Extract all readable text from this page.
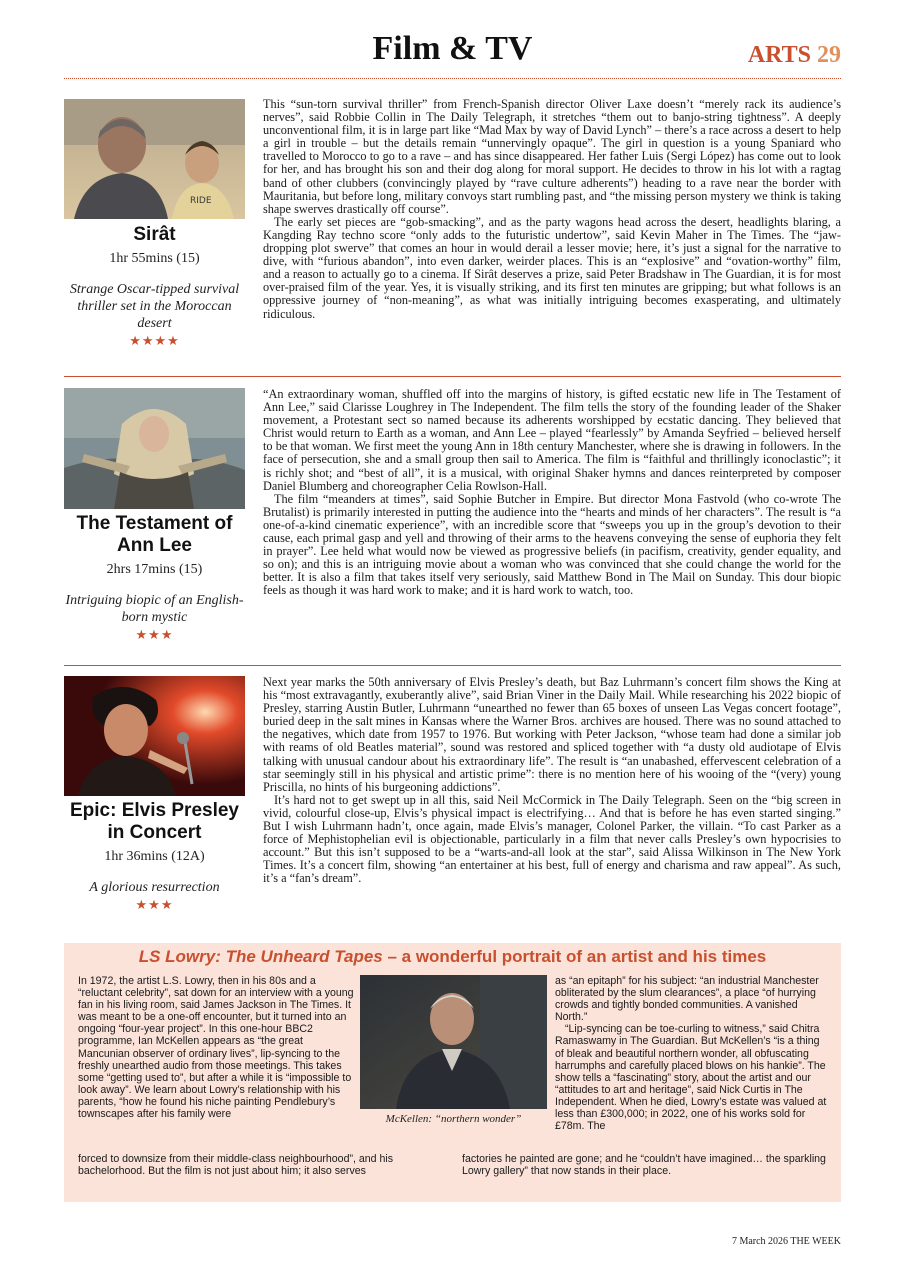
Film & TV	ARTS 29
RIDE
Sirât
1hr 55mins (15)
Strange Oscar-tipped survival thriller set in the Moroccan desert
★★★★

This “sun-torn survival thriller” from French-Spanish director Oliver Laxe doesn’t “merely rack its audience’s nerves”, said Robbie Collin in The Daily Telegraph, it stretches “them out to banjo-string tightness”. A deeply unconventional film, it is in large part like “Mad Max by way of David Lynch” – there’s a race across a desert to help a girl in trouble – but the details remain “unnervingly opaque”. The girl in question is a young Spaniard who travelled to Morocco to go to a rave – and has since disappeared. Her father Luis (Sergi López) has come out to look for her, and has brought his son and their dog along for moral support. He decides to throw in his lot with a ragtag band of other clubbers (convincingly played by “rave culture adherents”) heading to a rave near the border with Mauritania, but before long, military convoys start rumbling past, and “the missing person mystery we think is taking shape swerves drastically off course”.

The early set pieces are “gob-smacking”, and as the party wagons head across the desert, headlights blaring, a Kangding Ray techno score “only adds to the futuristic undertow”, said Kevin Maher in The Times. The “jaw-dropping plot swerve” that comes an hour in would derail a lesser movie; here, it’s just a signal for the narrative to dive, with “furious abandon”, into even darker, weirder places. This is an “explosive” and “ovation-worthy” film, and a reason to actually go to a cinema. If Sirât deserves a prize, said Peter Bradshaw in The Guardian, it is for most over-praised film of the year. Yes, it is visually striking, and its first ten minutes are gripping; but what follows is an oppressive journey of “non-meaning”, as what was initially intriguing becomes exasperating, and ultimately ridiculous.

The Testament of Ann Lee
2hrs 17mins (15)
Intriguing biopic of an English-born mystic
★★★

“An extraordinary woman, shuffled off into the margins of history, is gifted ecstatic new life in The Testament of Ann Lee,” said Clarisse Loughrey in The Independent. The film tells the story of the founding leader of the Shaker movement, a Protestant sect so named because its adherents worshipped by ecstatic dancing. They believed that Christ would return to Earth as a woman, and Ann Lee – played “fearlessly” by Amanda Seyfried – believed herself to be that woman. We first meet the young Ann in 18th century Manchester, where she is drawing in followers. In the face of persecution, she and a small group then sail to America. The film is “faithful and thrillingly iconoclastic”; it is richly shot; and “best of all”, it is a musical, with original Shaker hymns and dances reinterpreted by composer Daniel Blumberg and choreographer Celia Rowlson-Hall.

The film “meanders at times”, said Sophie Butcher in Empire. But director Mona Fastvold (who co-wrote The Brutalist) is primarily interested in putting the audience into the “hearts and minds of her characters”. The result is “a one-of-a-kind cinematic experience”, with an incredible score that “sweeps you up in the group’s devotion to their cause, each primal gasp and yell and throwing of their arms to the heavens conveying the sense of euphoria they felt in prayer”. Lee held what would now be viewed as progressive beliefs (in pacifism, creativity, gender equality, and so on); and this is an intriguing movie about a woman who was convinced that she could change the world for the better. It is also a film that takes itself very seriously, said Matthew Bond in The Mail on Sunday. This dour biopic feels as though it was hard work to make; and it is hard work to watch, too.

Epic: Elvis Presley in Concert
1hr 36mins (12A)
A glorious resurrection
★★★

Next year marks the 50th anniversary of Elvis Presley’s death, but Baz Luhrmann’s concert film shows the King at his “most extravagantly, exuberantly alive”, said Brian Viner in the Daily Mail. While researching his 2022 biopic of Presley, starring Austin Butler, Luhrmann “unearthed no fewer than 65 boxes of unseen Las Vegas concert footage”, buried deep in the salt mines in Kansas where the Warner Bros. archives are housed. There was no sound attached to the negatives, which date from 1957 to 1976. But working with Peter Jackson, “whose team had done a similar job with reams of old Beatles material”, sound was restored and spliced together with “a dusty old audiotape of Elvis talking with unusual candour about his extraordinary life”. The result is “an unabashed, effervescent celebration of a star seemingly still in his physical and artistic prime”: there is no mention here of his wooing of the “(very) young Priscilla, no hints of his burgeoning addictions”.

It’s hard not to get swept up in all this, said Neil McCormick in The Daily Telegraph. Seen on the “big screen in vivid, colourful close-up, Elvis’s physical impact is electrifying… And that is before he has even started singing.” But I wish Luhrmann hadn’t, once again, made Elvis’s manager, Colonel Parker, the villain. “To cast Parker as a force of Mephistophelian evil is objectionable, particularly in a film that never calls Presley’s own hypocrisies to account.” But this isn’t supposed to be a “warts-and-all look at the star”, said Alissa Wilkinson in The New York Times. It’s a concert film, showing “an entertainer at his best, full of energy and charisma and raw appeal”. As such, it’s a “fan’s dream”.

LS Lowry: The Unheard Tapes – a wonderful portrait of an artist and his times

In 1972, the artist L.S. Lowry, then in his 80s and a “reluctant celebrity”, sat down for an interview with a young fan in his living room, said James Jackson in The Times. It was meant to be a one-off encounter, but it turned into an ongoing “four-year project”. In this one-hour BBC2 programme, Ian McKellen appears as “the great Mancunian observer of ordinary lives”, lip-syncing to the freshly unearthed audio from those meetings. This takes some “getting used to”, but after a while it is “impossible to look away”. We learn about Lowry’s relationship with his parents, “how he found his niche painting Pendlebury’s townscapes after his family were	McKellen: “northern wonder”

as “an epitaph” for his subject: “an industrial Manchester obliterated by the slum clearances”, a place “of hurrying crowds and tightly bonded communities. A vanished North.”

“Lip-syncing can be toe-curling to witness,” said Chitra Ramaswamy in The Guardian. But McKellen’s “is a thing of bleak and beautiful northern wonder, all obfuscating harrumphs and carefully placed blows on his hankie”. The show tells a “fascinating” story, about the artist and our “attitudes to art and heritage”, said Nick Curtis in The Independent. When he died, Lowry’s estate was valued at less than £300,000; in 2022, one of his works sold for £78m. The

forced to downsize from their middle-class neighbourhood”, and his bachelorhood. But the film is not just about him; it also serves
factories he painted are gone; and he “couldn’t have imagined… the sparkling Lowry gallery” that now stands in their place.
7 March 2026 THE WEEK
